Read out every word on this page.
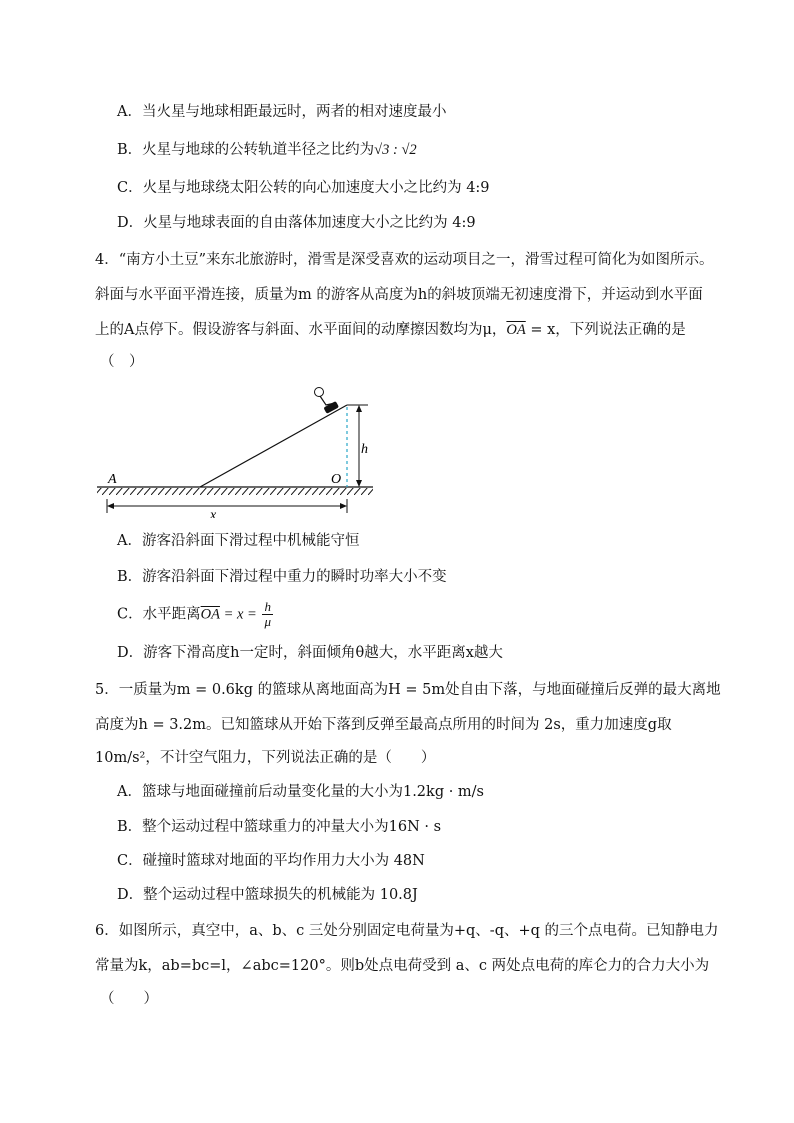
A．当火星与地球相距最远时，两者的相对速度最小
B．火星与地球的公转轨道半径之比约为√3 : √2
C．火星与地球绕太阳公转的向心加速度大小之比约为 4:9
D．火星与地球表面的自由落体加速度大小之比约为 4:9
4．“南方小土豆”来东北旅游时，滑雪是深受喜欢的运动项目之一，滑雪过程可简化为如图所示。
斜面与水平面平滑连接，质量为m 的游客从高度为h的斜坡顶端无初速度滑下，并运动到水平面
上的A点停下。假设游客与斜面、水平面间的动摩擦因数均为μ，$\overline{OA} = x$，下列说法正确的是
（　）
A	O
h
x
A．游客沿斜面下滑过程中机械能守恒
B．游客沿斜面下滑过程中重力的瞬时功率大小不变
C．水平距离$\overline{OA} = x = \frac{h}{\mu}$
D．游客下滑高度h一定时，斜面倾角θ越大，水平距离x越大
5．一质量为m = 0.6kg 的篮球从离地面高为H = 5m处自由下落，与地面碰撞后反弹的最大离地
高度为h = 3.2m。已知篮球从开始下落到反弹至最高点所用的时间为 2s，重力加速度g取
10m/s²，不计空气阻力，下列说法正确的是（　　）
A．篮球与地面碰撞前后动量变化量的大小为1.2kg · m/s
B．整个运动过程中篮球重力的冲量大小为16N · s
C．碰撞时篮球对地面的平均作用力大小为 48N
D．整个运动过程中篮球损失的机械能为 10.8J
6．如图所示，真空中，a、b、c 三处分别固定电荷量为+q、-q、+q 的三个点电荷。已知静电力
常量为k，ab=bc=l，∠abc=120°。则b处点电荷受到 a、c 两处点电荷的库仑力的合力大小为
（　　）
